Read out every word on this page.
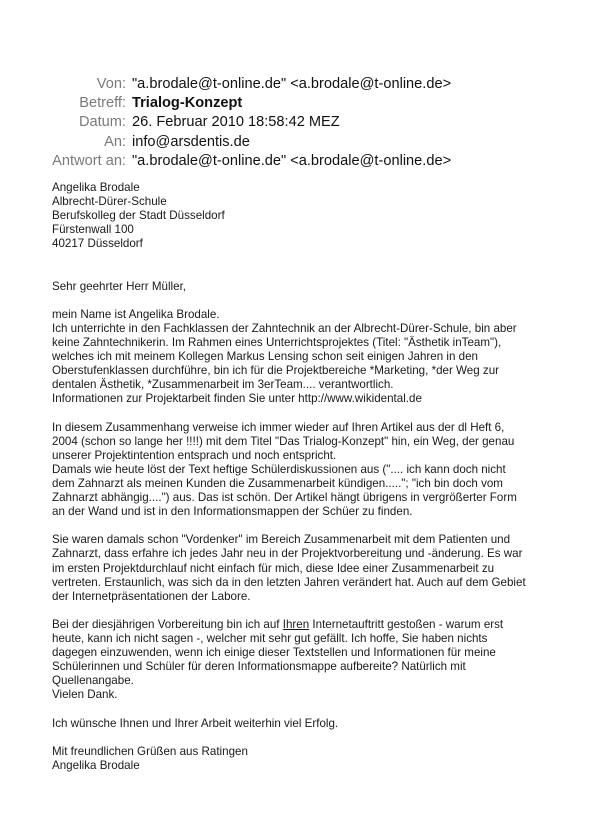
Von: "a.brodale@t-online.de" <a.brodale@t-online.de>
Betreff: Trialog-Konzept
Datum: 26. Februar 2010 18:58:42 MEZ
An: info@arsdentis.de
Antwort an: "a.brodale@t-online.de" <a.brodale@t-online.de>
Angelika Brodale
Albrecht-Dürer-Schule
Berufskolleg der Stadt Düsseldorf
Fürstenwall 100
40217 Düsseldorf
Sehr geehrter Herr Müller,
mein Name ist Angelika Brodale.
Ich unterrichte in den Fachklassen der Zahntechnik an der Albrecht-Dürer-Schule, bin aber
keine Zahntechnikerin. Im Rahmen eines Unterrichtsprojektes (Titel: "Ästhetik inTeam"),
welches ich mit meinem Kollegen Markus Lensing schon seit einigen Jahren in den
Oberstufenklassen durchführe, bin ich für die Projektbereiche *Marketing, *der Weg zur
dentalen Ästhetik, *Zusammenarbeit im 3erTeam.... verantwortlich.
Informationen zur Projektarbeit finden Sie unter http://www.wikidental.de
In diesem Zusammenhang verweise ich immer wieder auf Ihren Artikel aus der dl Heft 6,
2004 (schon so lange her !!!!) mit dem Titel "Das Trialog-Konzept" hin, ein Weg, der genau
unserer Projektintention entsprach und noch entspricht.
Damals wie heute löst der Text heftige Schülerdiskussionen aus (".... ich kann doch nicht
dem Zahnarzt als meinen Kunden die Zusammenarbeit kündigen....."; "ich bin doch vom
Zahnarzt abhängig....") aus. Das ist schön. Der Artikel hängt übrigens in vergrößerter Form
an der Wand und ist in den Informationsmappen der Schüer zu finden.
Sie waren damals schon "Vordenker" im Bereich Zusammenarbeit mit dem Patienten und
Zahnarzt, dass erfahre ich jedes Jahr neu in der Projektvorbereitung und -änderung. Es war
im ersten Projektdurchlauf nicht einfach für mich, diese Idee einer Zusammenarbeit zu
vertreten. Erstaunlich, was sich da in den letzten Jahren verändert hat. Auch auf dem Gebiet
der Internetpräsentationen der Labore.
Bei der diesjährigen Vorbereitung bin ich auf Ihren Internetauftritt gestoßen - warum erst
heute, kann ich nicht sagen -, welcher mit sehr gut gefällt. Ich hoffe, Sie haben nichts
dagegen einzuwenden, wenn ich einige dieser Textstellen und Informationen für meine
Schülerinnen und Schüler für deren Informationsmappe aufbereite? Natürlich mit
Quellenangabe.
Vielen Dank.
Ich wünsche Ihnen und Ihrer Arbeit weiterhin viel Erfolg.
Mit freundlichen Grüßen aus Ratingen
Angelika Brodale
